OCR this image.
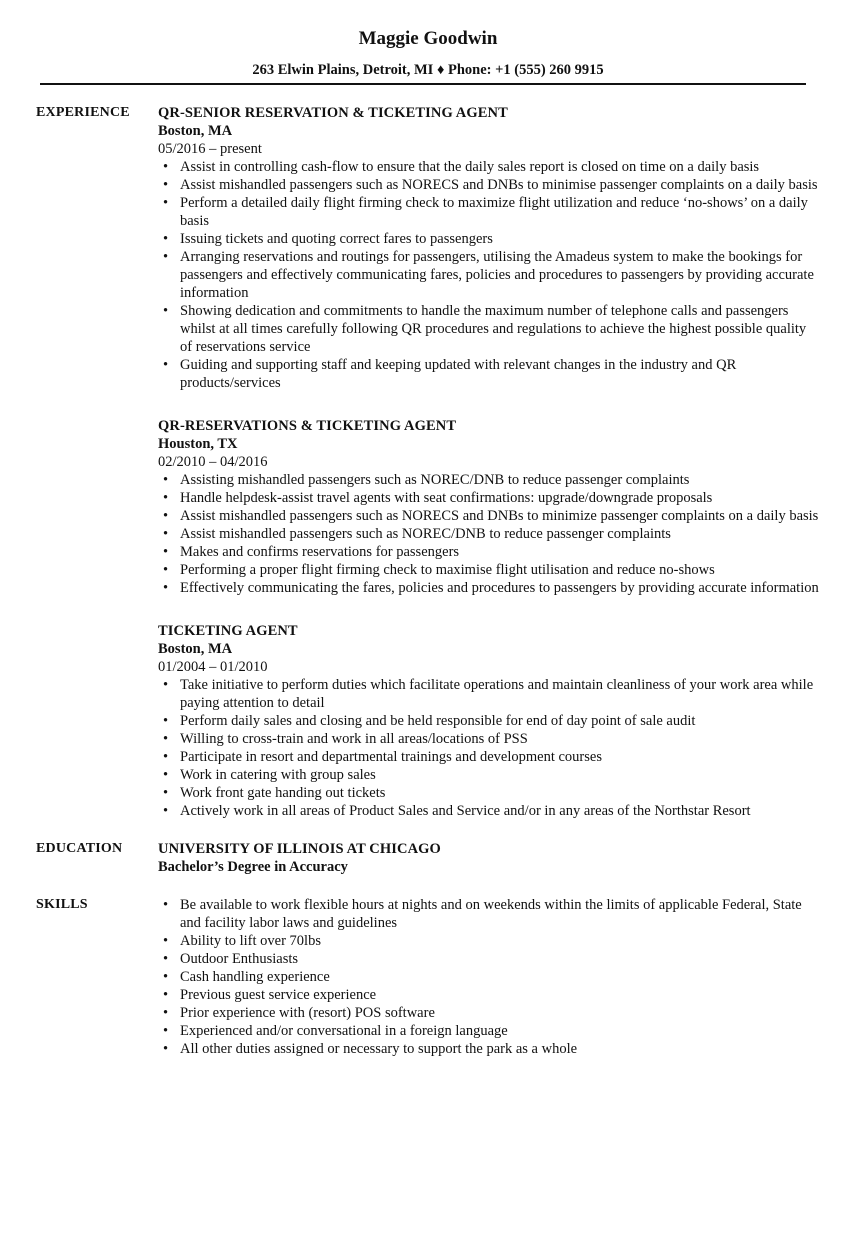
Maggie Goodwin
263 Elwin Plains, Detroit, MI ♦ Phone: +1 (555) 260 9915
EXPERIENCE	QR-SENIOR RESERVATION & TICKETING AGENT
Boston, MA
05/2016 – present
• Assist in controlling cash-flow to ensure that the daily sales report is closed on time on a daily basis
• Assist mishandled passengers such as NORECS and DNBs to minimise passenger complaints on a daily basis
• Perform a detailed daily flight firming check to maximize flight utilization and reduce ‘no-shows’ on a daily basis
• Issuing tickets and quoting correct fares to passengers
• Arranging reservations and routings for passengers, utilising the Amadeus system to make the bookings for passengers and effectively communicating fares, policies and procedures to passengers by providing accurate information
• Showing dedication and commitments to handle the maximum number of telephone calls and passengers whilst at all times carefully following QR procedures and regulations to achieve the highest possible quality of reservations service
• Guiding and supporting staff and keeping updated with relevant changes in the industry and QR products/services
QR-RESERVATIONS & TICKETING AGENT
Houston, TX
02/2010 – 04/2016
• Assisting mishandled passengers such as NOREC/DNB to reduce passenger complaints
• Handle helpdesk-assist travel agents with seat confirmations: upgrade/downgrade proposals
• Assist mishandled passengers such as NORECS and DNBs to minimize passenger complaints on a daily basis
• Assist mishandled passengers such as NOREC/DNB to reduce passenger complaints
• Makes and confirms reservations for passengers
• Performing a proper flight firming check to maximise flight utilisation and reduce no-shows
• Effectively communicating the fares, policies and procedures to passengers by providing accurate information
TICKETING AGENT
Boston, MA
01/2004 – 01/2010
• Take initiative to perform duties which facilitate operations and maintain cleanliness of your work area while paying attention to detail
• Perform daily sales and closing and be held responsible for end of day point of sale audit
• Willing to cross-train and work in all areas/locations of PSS
• Participate in resort and departmental trainings and development courses
• Work in catering with group sales
• Work front gate handing out tickets
• Actively work in all areas of Product Sales and Service and/or in any areas of the Northstar Resort
EDUCATION	UNIVERSITY OF ILLINOIS AT CHICAGO
Bachelor’s Degree in Accuracy
SKILLS
•	Be available to work flexible hours at nights and on weekends within the limits of applicable Federal, State and facility labor laws and guidelines
• Ability to lift over 70lbs
• Outdoor Enthusiasts
• Cash handling experience
• Previous guest service experience
• Prior experience with (resort) POS software
• Experienced and/or conversational in a foreign language
• All other duties assigned or necessary to support the park as a whole
